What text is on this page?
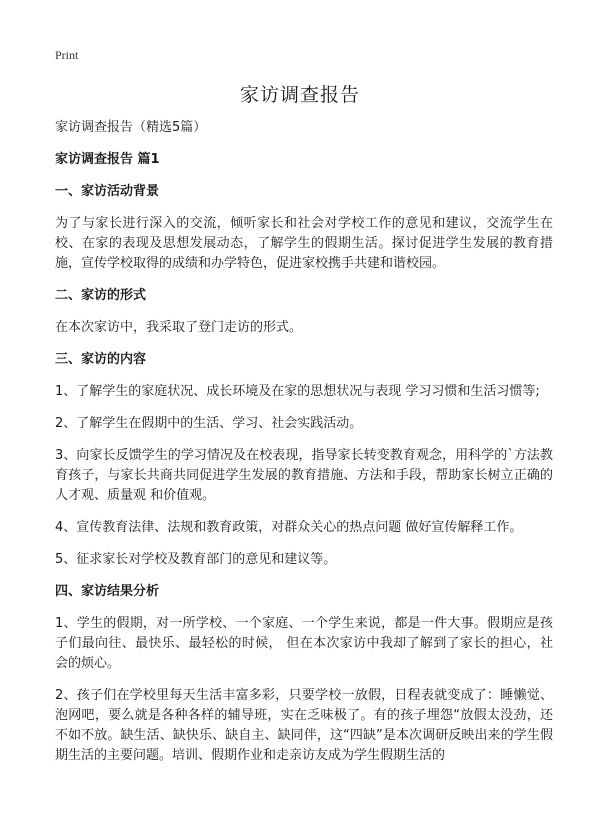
Print
家访调查报告
家访调查报告（精选5篇）
家访调查报告 篇1
一、家访活动背景
为了与家长进行深入的交流，倾听家长和社会对学校工作的意见和建议，交流学生在校、在家的表现及思想发展动态，了解学生的假期生活。探讨促进学生发展的教育措施，宣传学校取得的成绩和办学特色，促进家校携手共建和谐校园。
二、家访的形式
在本次家访中，我采取了登门走访的形式。
三、家访的内容
1、了解学生的家庭状况、成长环境及在家的思想状况与表现 学习习惯和生活习惯等;
2、了解学生在假期中的生活、学习、社会实践活动。
3、向家长反馈学生的学习情况及在校表现，指导家长转变教育观念，用科学的`方法教育孩子，与家长共商共同促进学生发展的教育措施、方法和手段，帮助家长树立正确的人才观、质量观 和价值观。
4、宣传教育法律、法规和教育政策，对群众关心的热点问题 做好宣传解释工作。
5、征求家长对学校及教育部门的意见和建议等。
四、家访结果分析
1、学生的假期，对一所学校、一个家庭、一个学生来说，都是一件大事。假期应是孩子们最向往、最快乐、最轻松的时候， 但在本次家访中我却了解到了家长的担心，社会的烦心。
2、孩子们在学校里每天生活丰富多彩，只要学校一放假，日程表就变成了：睡懒觉、泡网吧，要么就是各种各样的辅导班，实在乏味极了。有的孩子埋怨“放假太没劲，还不如不放。缺生活、缺快乐、缺自主、缺同伴，这“四缺”是本次调研反映出来的学生假期生活的主要问题。培训、假期作业和走亲访友成为学生假期生活的
